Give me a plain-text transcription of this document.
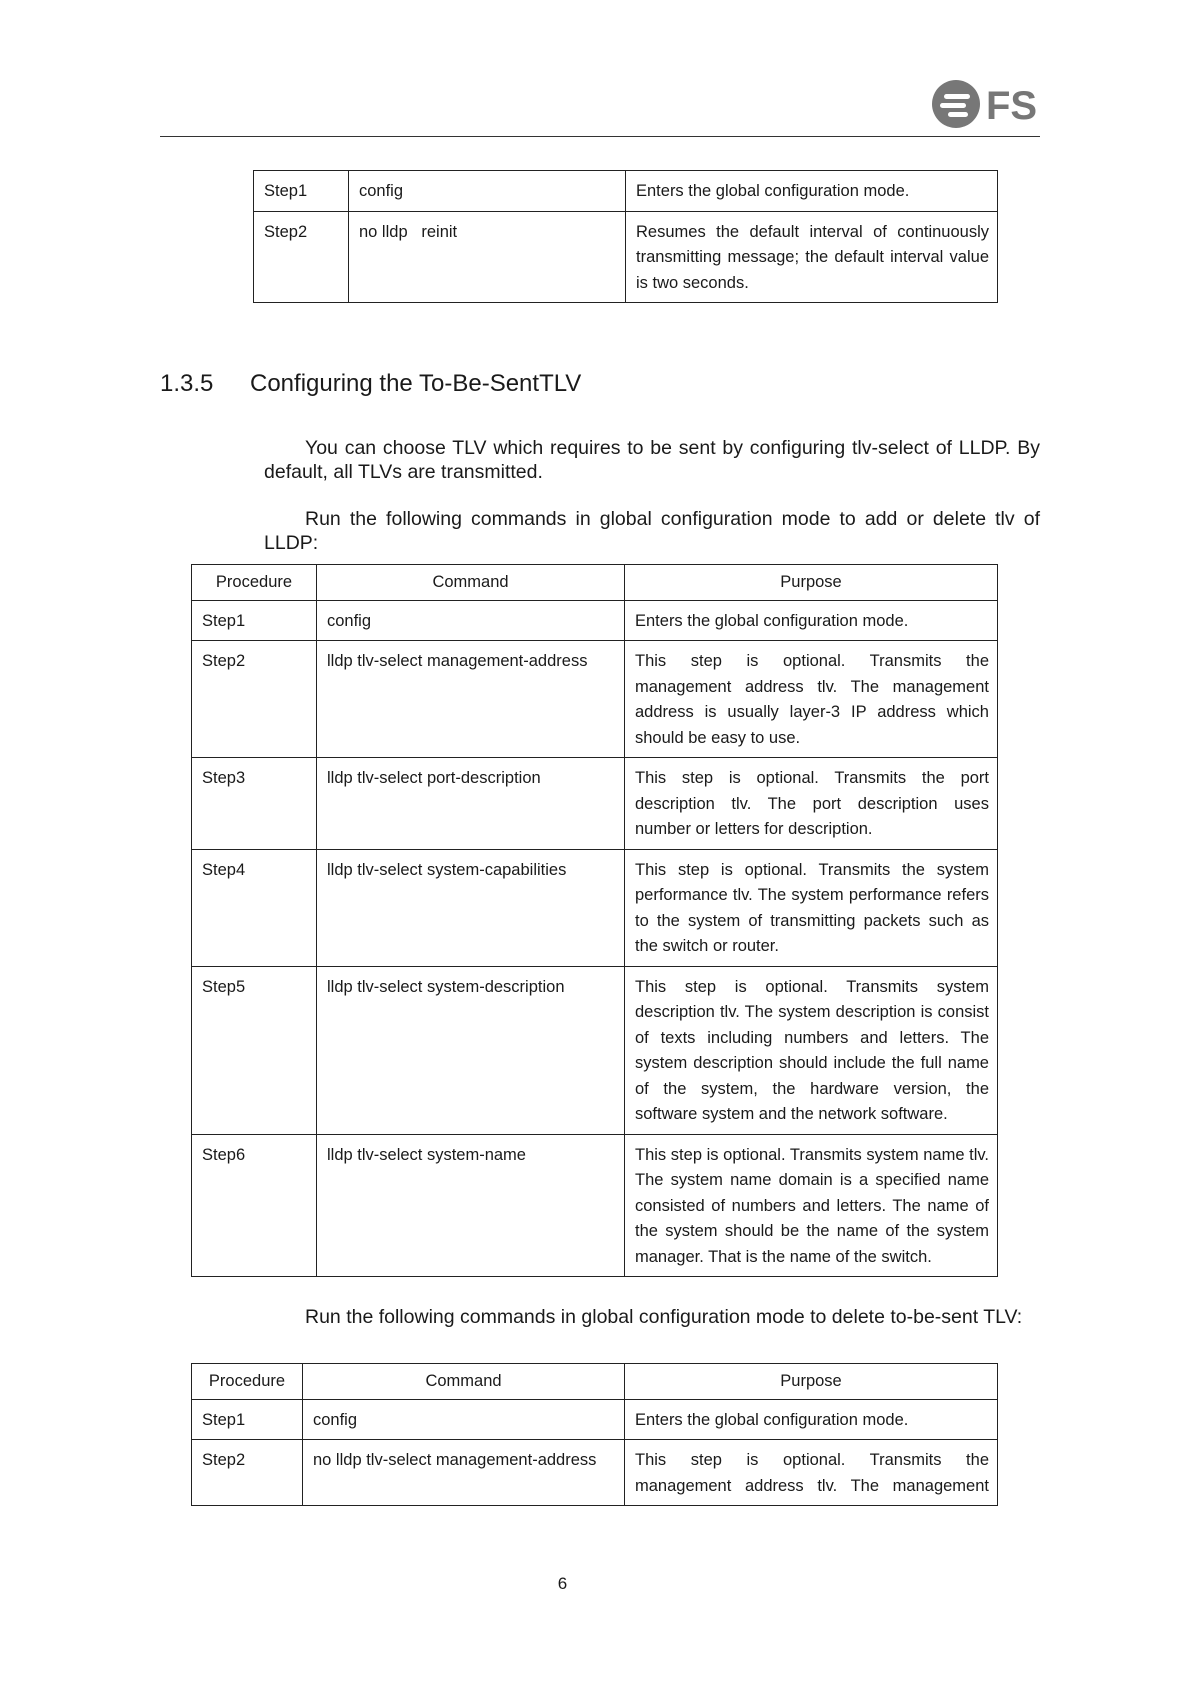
FS
Step1	config	Enters the global configuration mode.
Step2	no lldp   reinit	Resumes the default interval of continuously transmitting message; the default interval value is two seconds.
1.3.5 Configuring the To-Be-SentTLV

You can choose TLV which requires to be sent by configuring tlv-select of LLDP. By default, all TLVs are transmitted.

Run the following commands in global configuration mode to add or delete tlv of LLDP:

Procedure	Command	Purpose
Step1	config	Enters the global configuration mode.
Step2	lldp tlv-select management-address	This step is optional. Transmits the management address tlv. The management address is usually layer-3 IP address which should be easy to use.
Step3	lldp tlv-select port-description	This step is optional. Transmits the port description tlv. The port description uses number or letters for description.
Step4	lldp tlv-select system-capabilities	This step is optional. Transmits the system performance tlv. The system performance refers to the system of transmitting packets such as the switch or router.
Step5	lldp tlv-select system-description	This step is optional. Transmits system description tlv. The system description is consist of texts including numbers and letters. The system description should include the full name of the system, the hardware version, the software system and the network software.
Step6	lldp tlv-select system-name	This step is optional. Transmits system name tlv. The system name domain is a specified name consisted of numbers and letters. The name of the system should be the name of the system manager. That is the name of the switch.

Run the following commands in global configuration mode to delete to-be-sent TLV:

Procedure	Command	Purpose
Step1	config	Enters the global configuration mode.
Step2	no lldp tlv-select management-address	This step is optional. Transmits the management address tlv. The management
6
